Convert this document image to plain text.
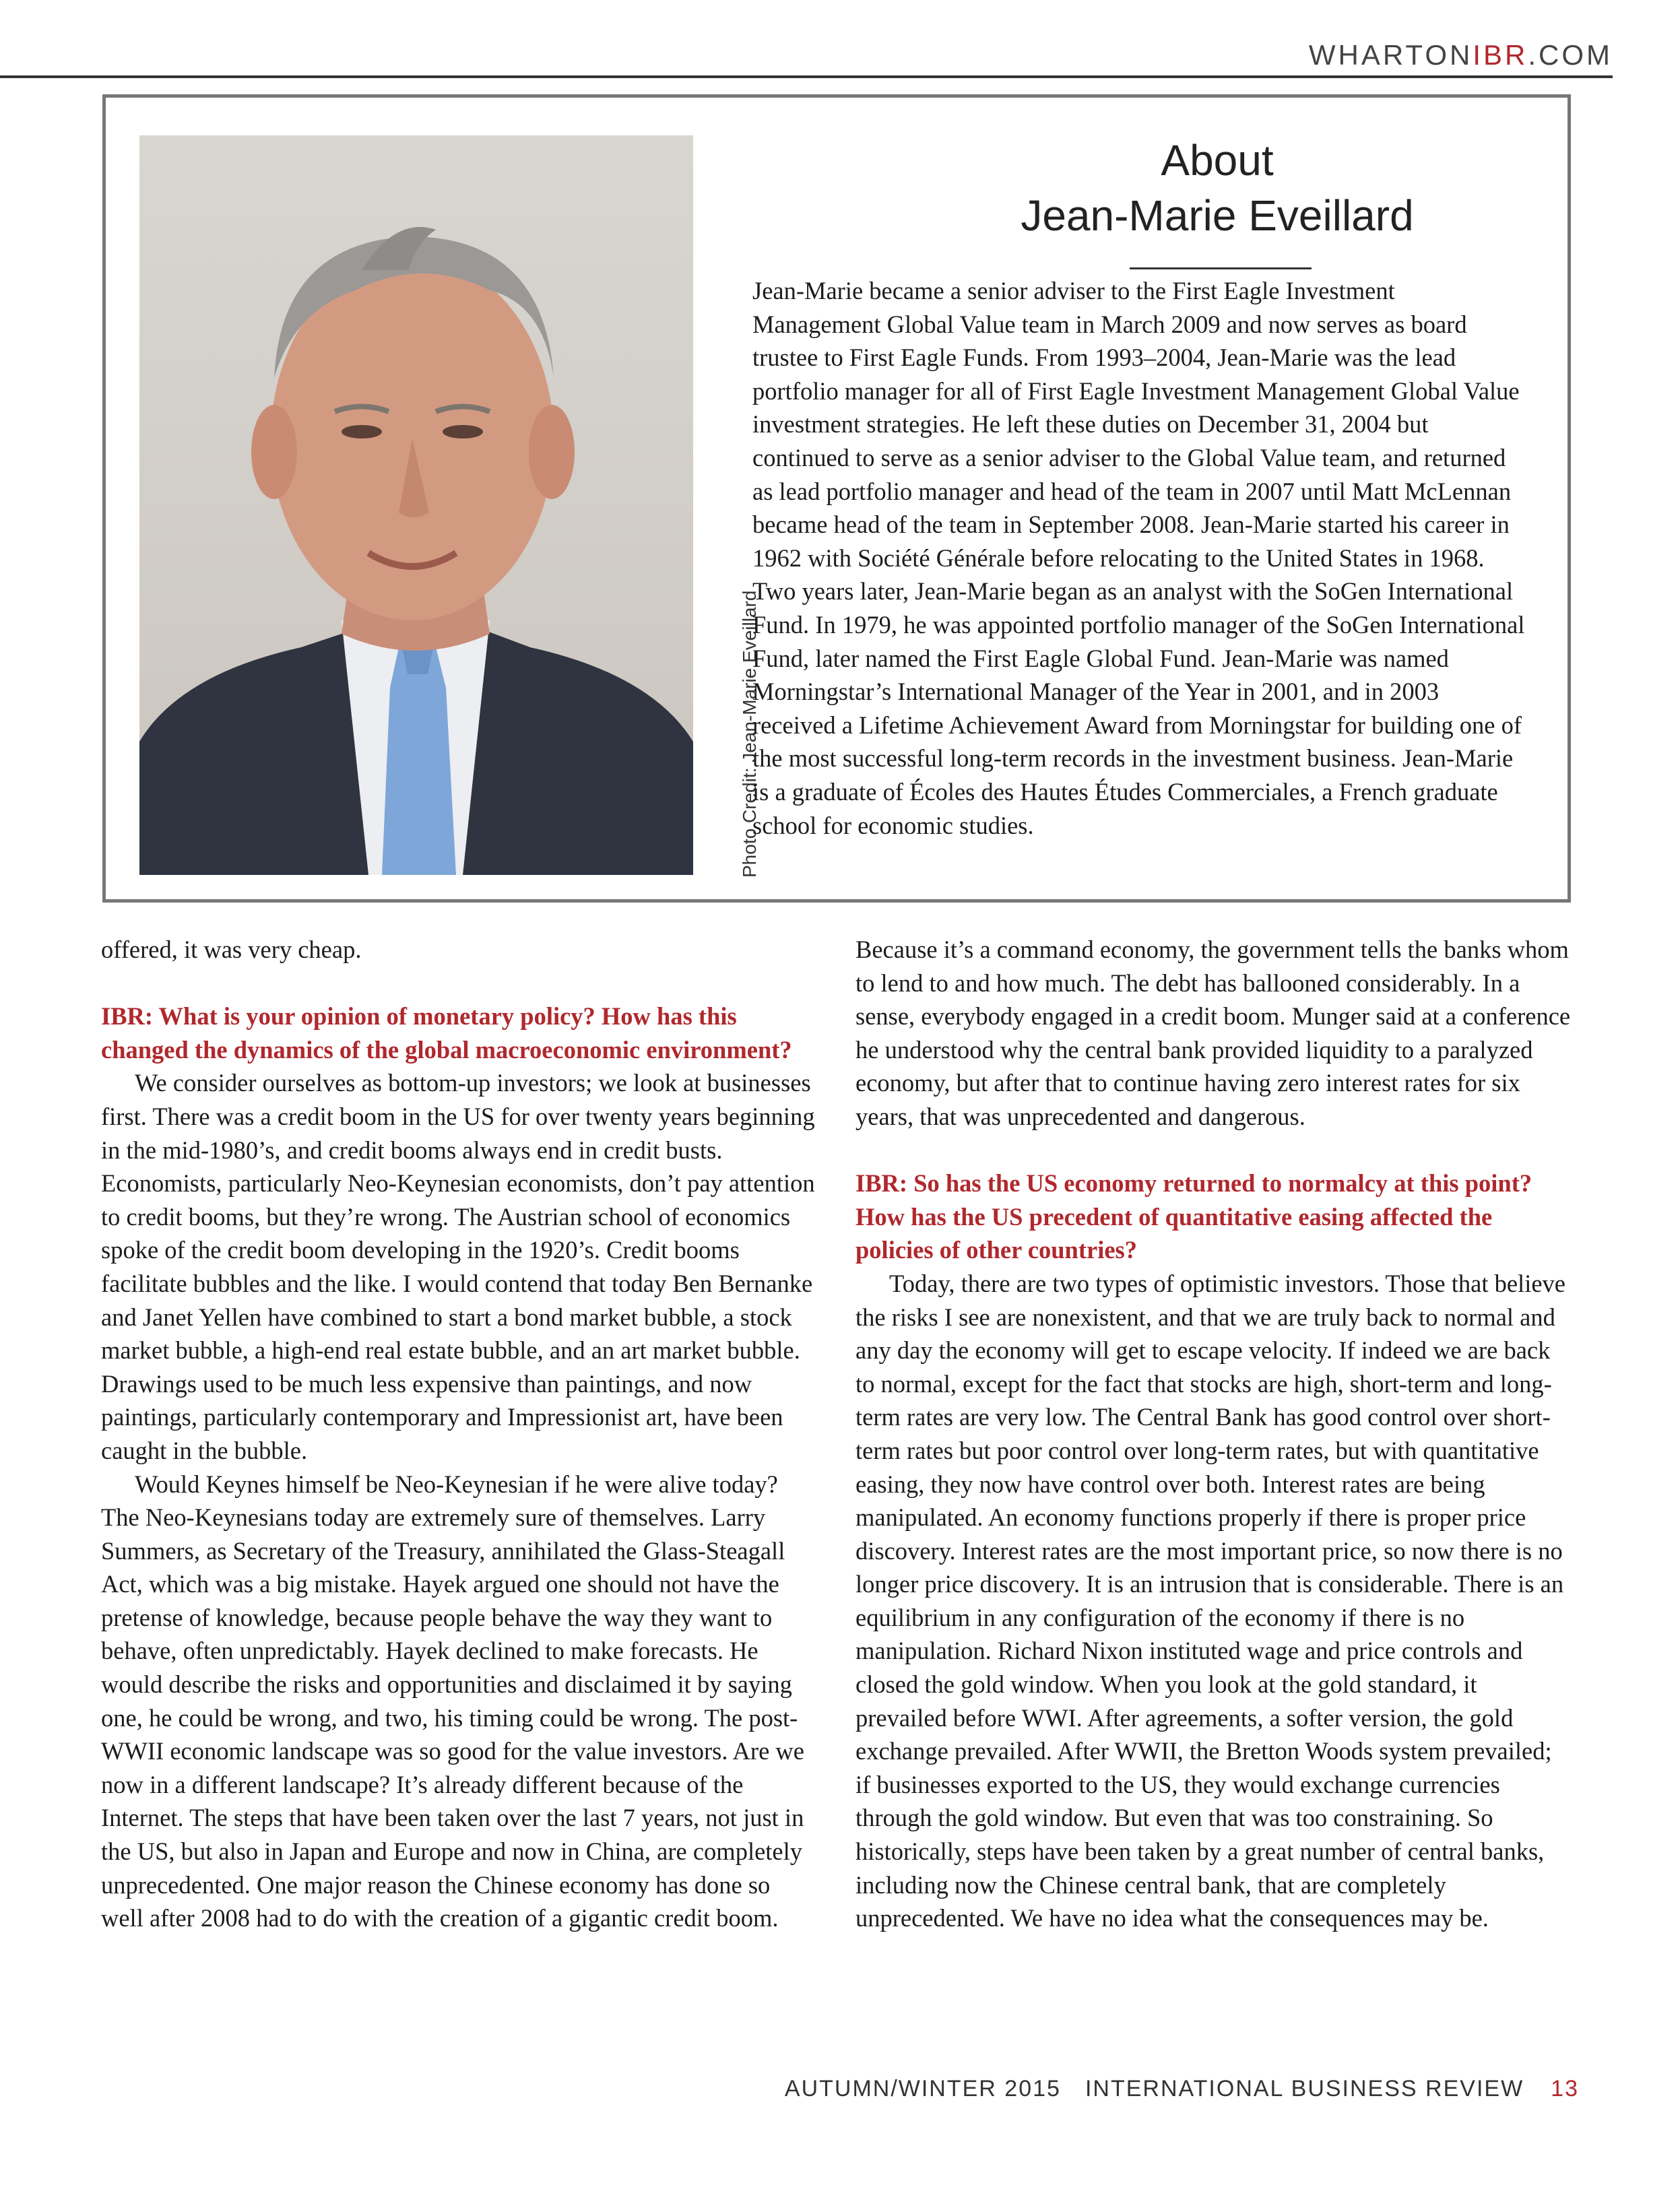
WHARTONIBR.COM
Photo Credit: Jean-Marie Eveillard
About
Jean-Marie Eveillard

Jean-Marie became a senior adviser to the First Eagle Investment Management Global Value team in March 2009 and now serves as board trustee to First Eagle Funds. From 1993–2004, Jean-Marie was the lead portfolio manager for all of First Eagle Investment Management Global Value investment strategies. He left these duties on December 31, 2004 but continued to serve as a senior adviser to the Global Value team, and returned as lead portfolio manager and head of the team in 2007 until Matt McLennan became head of the team in September 2008. Jean-Marie started his career in 1962 with Société Générale before relocating to the United States in 1968. Two years later, Jean-Marie began as an analyst with the SoGen International Fund. In 1979, he was appointed portfolio manager of the SoGen International Fund, later named the First Eagle Global Fund. Jean-Marie was named Morningstar’s International Manager of the Year in 2001, and in 2003 received a Lifetime Achievement Award from Morningstar for building one of the most successful long-term records in the investment business. Jean-Marie is a graduate of Écoles des Hautes Études Commerciales, a French graduate school for economic studies.

offered, it was very cheap.

IBR: What is your opinion of monetary policy? How has this changed the dynamics of the global macroeconomic environment?

We consider ourselves as bottom-up investors; we look at businesses first. There was a credit boom in the US for over twenty years beginning in the mid-1980’s, and credit booms always end in credit busts. Economists, particularly Neo-Keynesian economists, don’t pay attention to credit booms, but they’re wrong. The Austrian school of economics spoke of the credit boom developing in the 1920’s. Credit booms facilitate bubbles and the like. I would contend that today Ben Bernanke and Janet Yellen have combined to start a bond market bubble, a stock market bubble, a high-end real estate bubble, and an art market bubble. Drawings used to be much less expensive than paintings, and now paintings, particularly contemporary and Impressionist art, have been caught in the bubble.

Would Keynes himself be Neo-Keynesian if he were alive today? The Neo-Keynesians today are extremely sure of themselves. Larry Summers, as Secretary of the Treasury, annihilated the Glass-Steagall Act, which was a big mistake. Hayek argued one should not have the pretense of knowledge, because people behave the way they want to behave, often unpredictably. Hayek declined to make forecasts. He would describe the risks and opportunities and disclaimed it by saying one, he could be wrong, and two, his timing could be wrong. The post-WWII economic landscape was so good for the value investors. Are we now in a different landscape? It’s already different because of the Internet. The steps that have been taken over the last 7 years, not just in the US, but also in Japan and Europe and now in China, are completely unprecedented. One major reason the Chinese economy has done so well after 2008 had to do with the creation of a gigantic credit boom.

Because it’s a command economy, the government tells the banks whom to lend to and how much. The debt has ballooned considerably. In a sense, everybody engaged in a credit boom. Munger said at a conference he understood why the central bank provided liquidity to a paralyzed economy, but after that to continue having zero interest rates for six years, that was unprecedented and dangerous.

IBR: So has the US economy returned to normalcy at this point? How has the US precedent of quantitative easing affected the policies of other countries?

Today, there are two types of optimistic investors. Those that believe the risks I see are nonexistent, and that we are truly back to normal and any day the economy will get to escape velocity. If indeed we are back to normal, except for the fact that stocks are high, short-term and long-term rates are very low. The Central Bank has good control over short-term rates but poor control over long-term rates, but with quantitative easing, they now have control over both. Interest rates are being manipulated. An economy functions properly if there is proper price discovery. Interest rates are the most important price, so now there is no longer price discovery. It is an intrusion that is considerable. There is an equilibrium in any configuration of the economy if there is no manipulation. Richard Nixon instituted wage and price controls and closed the gold window. When you look at the gold standard, it prevailed before WWI. After agreements, a softer version, the gold exchange prevailed. After WWII, the Bretton Woods system prevailed; if businesses exported to the US, they would exchange currencies through the gold window. But even that was too constraining. So historically, steps have been taken by a great number of central banks, including now the Chinese central bank, that are completely unprecedented. We have no idea what the consequences may be.

AUTUMN/WINTER 2015 INTERNATIONAL BUSINESS REVIEW 13
